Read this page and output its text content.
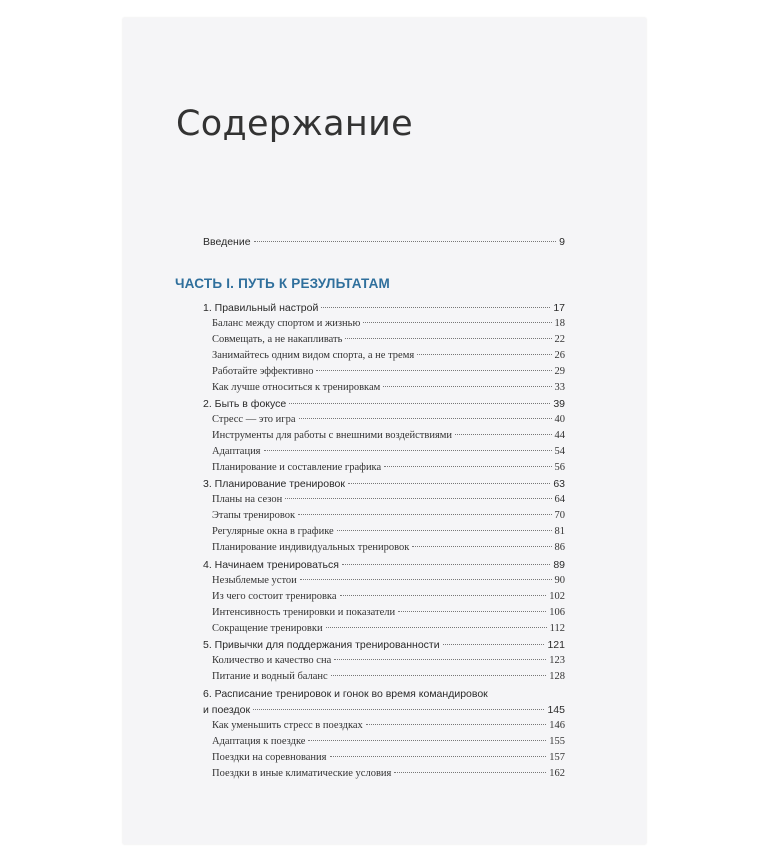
Содержание
Введение	9
ЧАСТЬ I. ПУТЬ К РЕЗУЛЬТАТАМ
1. Правильный настрой	17
Баланс между спортом и жизнью	18
Совмещать, а не накапливать	22
Занимайтесь одним видом спорта, а не тремя	26
Работайте эффективно	29
Как лучше относиться к тренировкам	33
2. Быть в фокусе	39
Стресс — это игра	40
Инструменты для работы с внешними воздействиями	44
Адаптация	54
Планирование и составление графика	56
3. Планирование тренировок	63
Планы на сезон	64
Этапы тренировок	70
Регулярные окна в графике	81
Планирование индивидуальных тренировок	86
4. Начинаем тренироваться	89
Незыблемые устои	90
Из чего состоит тренировка	102
Интенсивность тренировки и показатели	106
Сокращение тренировки	112
5. Привычки для поддержания тренированности	121
Количество и качество сна	123
Питание и водный баланс	128
6. Расписание тренировок и гонок во время командировок
и поездок	145
Как уменьшить стресс в поездках	146
Адаптация к поездке	155
Поездки на соревнования	157
Поездки в иные климатические условия	162
